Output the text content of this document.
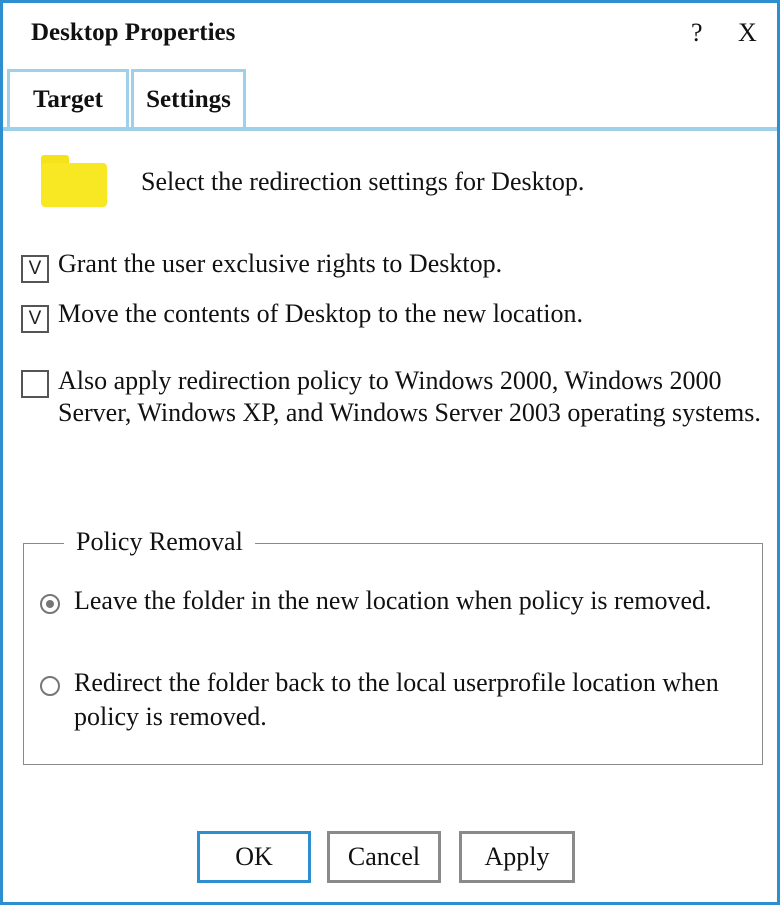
Desktop Properties	? X
Target	Settings
Select the redirection settings for Desktop.
V Grant the user exclusive rights to Desktop.
V Move the contents of Desktop to the new location.
Also apply redirection policy to Windows 2000, Windows 2000 Server, Windows XP, and Windows Server 2003 operating systems.
Policy Removal
Leave the folder in the new location when policy is removed.
Redirect the folder back to the local userprofile location when policy is removed.
OK	Cancel	Apply
